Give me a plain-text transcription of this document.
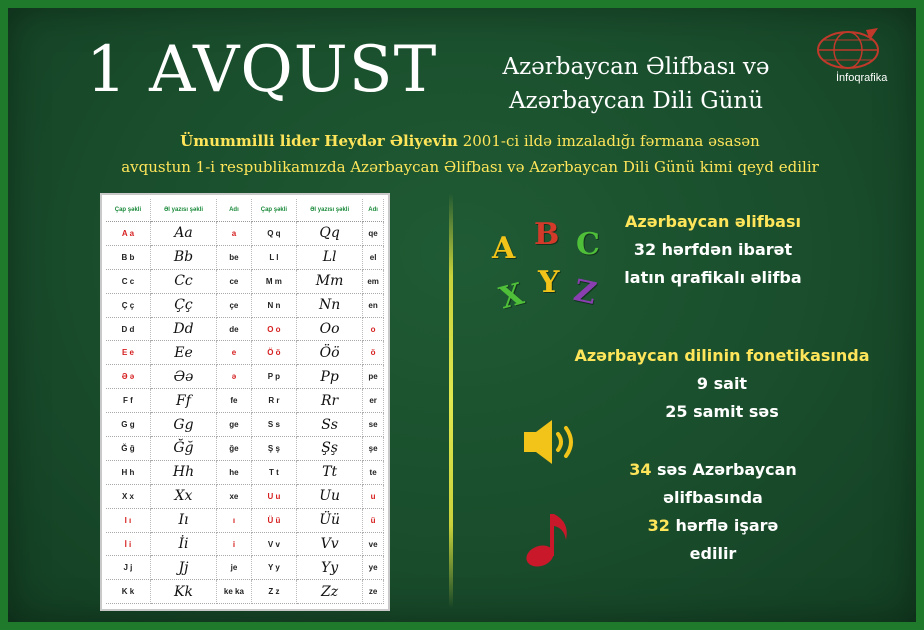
1 AVQUST	Azərbaycan Əlifbası və
Azərbaycan Dili Günü
İnfoqrafika
Ümummilli lider Heydər Əliyevin 2001-ci ildə imzaladığı fərmana əsasən
avqustun 1-i respublikamızda Azərbaycan Əlifbası və Azərbaycan Dili Günü kimi qeyd edilir
Çap şəkli	Əl yazısı şəkli	Adı	Çap şəkli	Əl yazısı şəkli	Adı
A a	Aa	a	Q q	Qq	qe
B b	Bb	be	L l	Ll	el
C c	Cc	ce	M m	Mm	em
Ç ç	Çç	çe	N n	Nn	en
D d	Dd	de	O o	Oo	o
E e	Ee	e	Ö ö	Öö	ö
Ə ə	Əə	ə	P p	Pp	pe
F f	Ff	fe	R r	Rr	er
G g	Gg	ge	S s	Ss	se
Ğ ğ	Ğğ	ğe	Ş ş	Şş	şe
H h	Hh	he	T t	Tt	te
X x	Xx	xe	U u	Uu	u
I ı	Iı	ı	Ü ü	Üü	ü
İ i	İi	i	V v	Vv	ve
J j	Jj	je	Y y	Yy	ye
K k	Kk	ke ka	Z z	Zz	ze
A B C
X Y Z
Azərbaycan əlifbası
32 hərfdən ibarət
latın qrafikalı əlifba
Azərbaycan dilinin fonetikasında
9 sait
25 samit səs
34 səs Azərbaycan
əlifbasında
32 hərflə işarə
edilir
